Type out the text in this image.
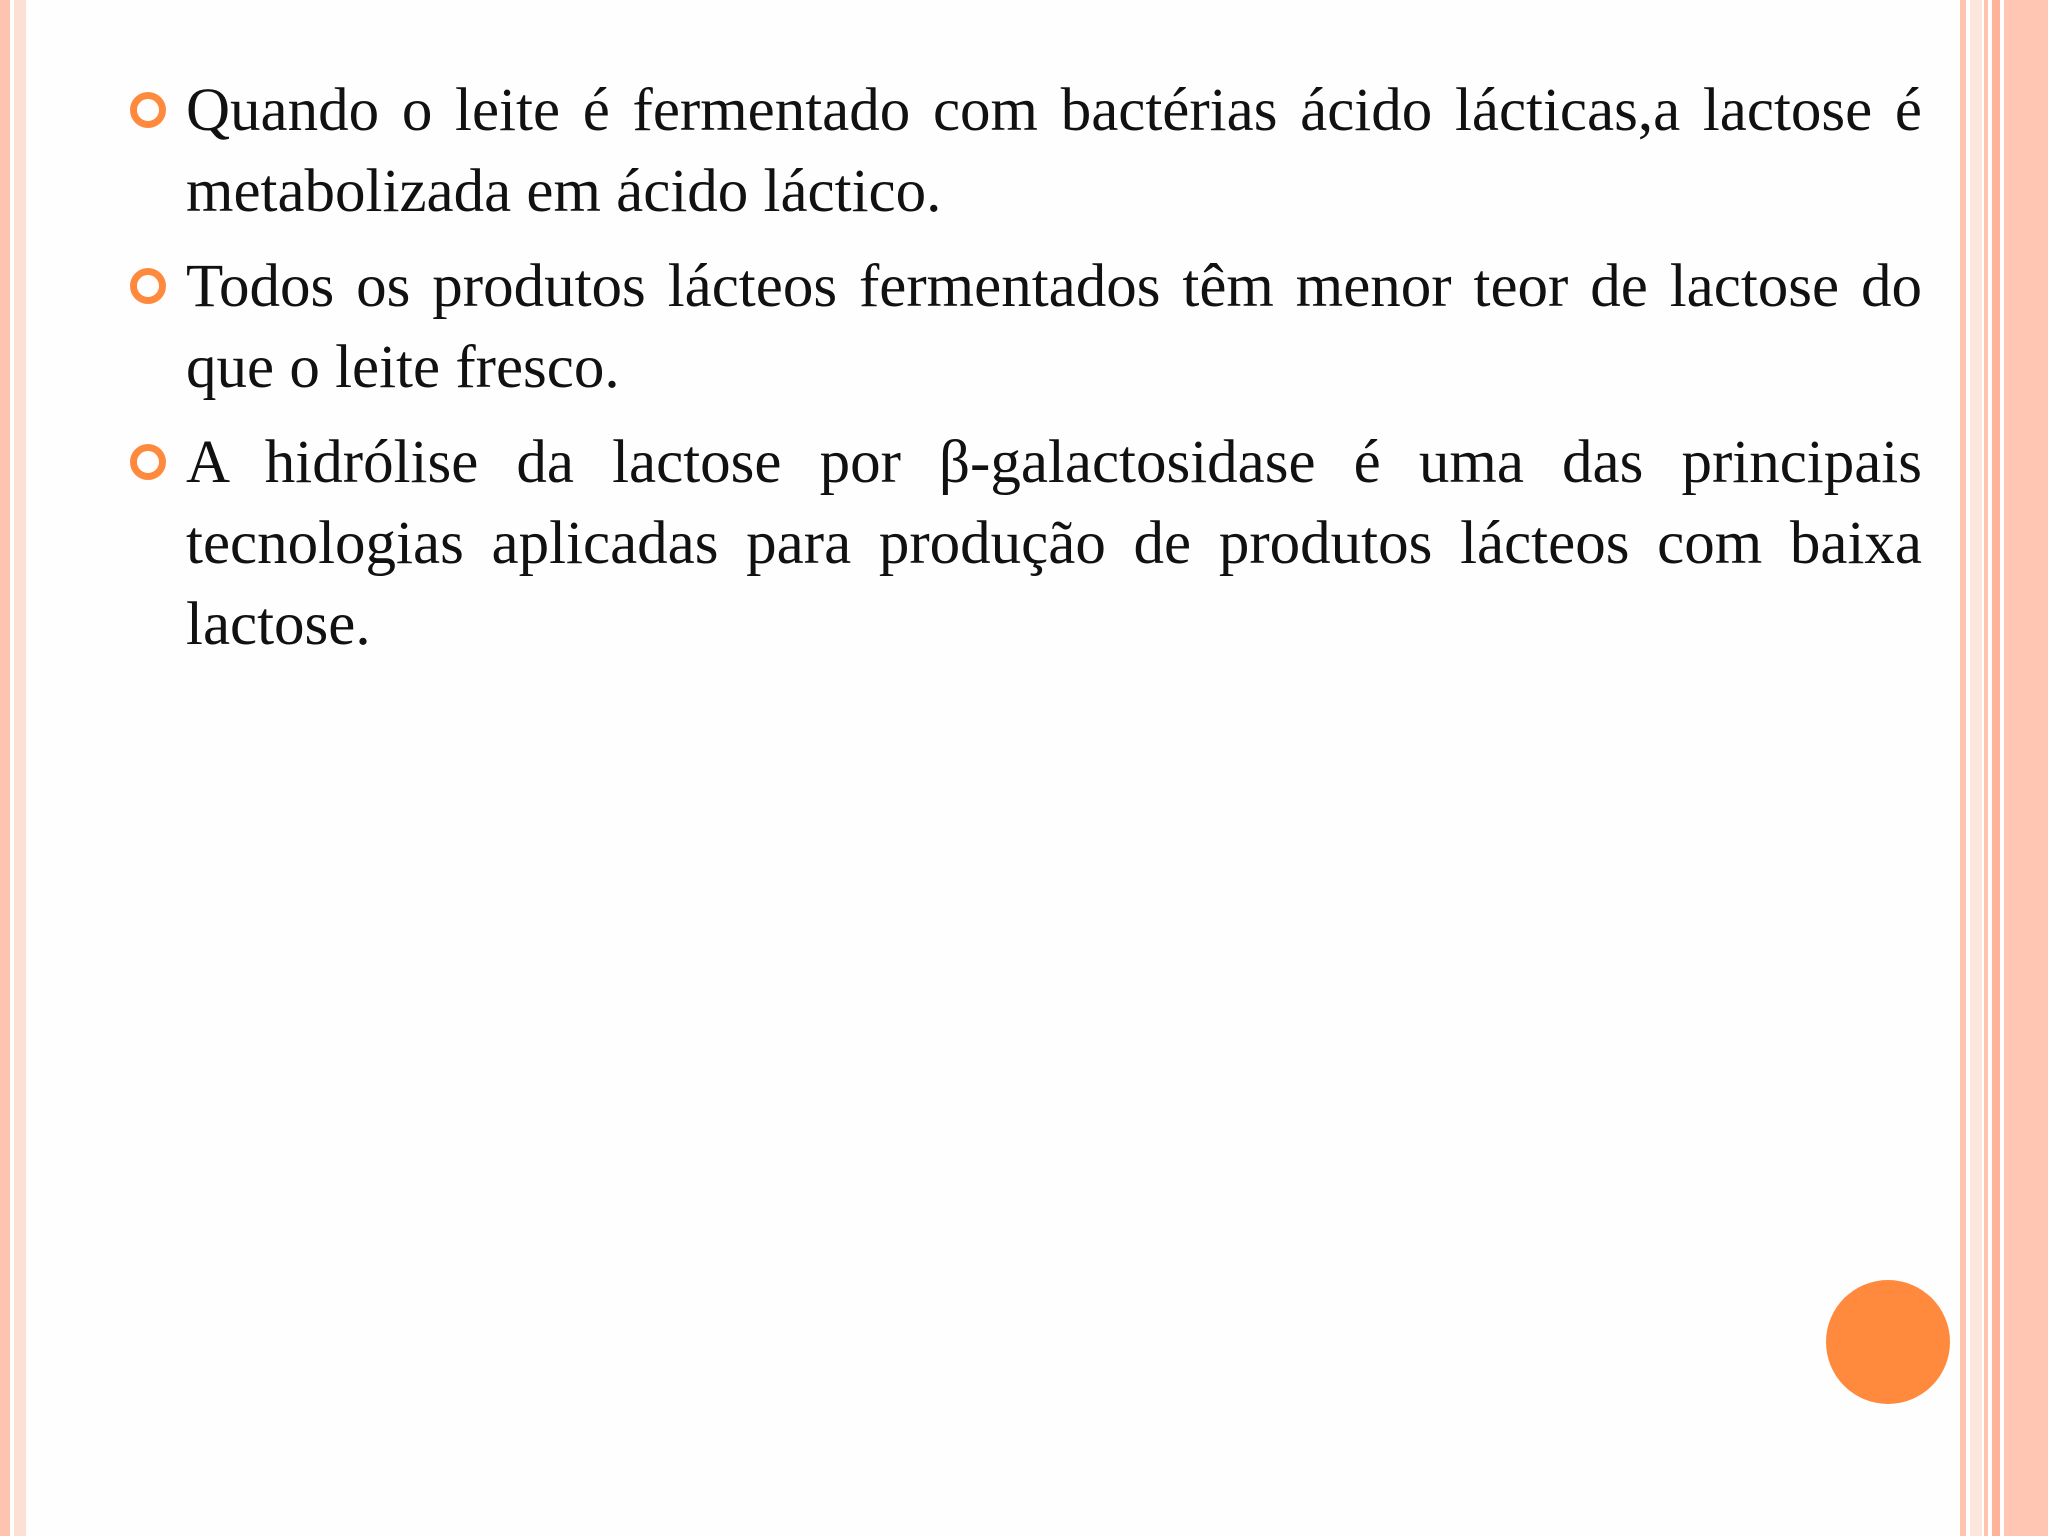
Quando o leite é fermentado com bactérias ácido lácticas,a lactose é metabolizada em ácido láctico.
Todos os produtos lácteos fermentados têm menor teor de lactose do que o leite fresco.
A hidrólise da lactose por β-galactosidase é uma das principais tecnologias aplicadas para produção de produtos lácteos com baixa lactose.
